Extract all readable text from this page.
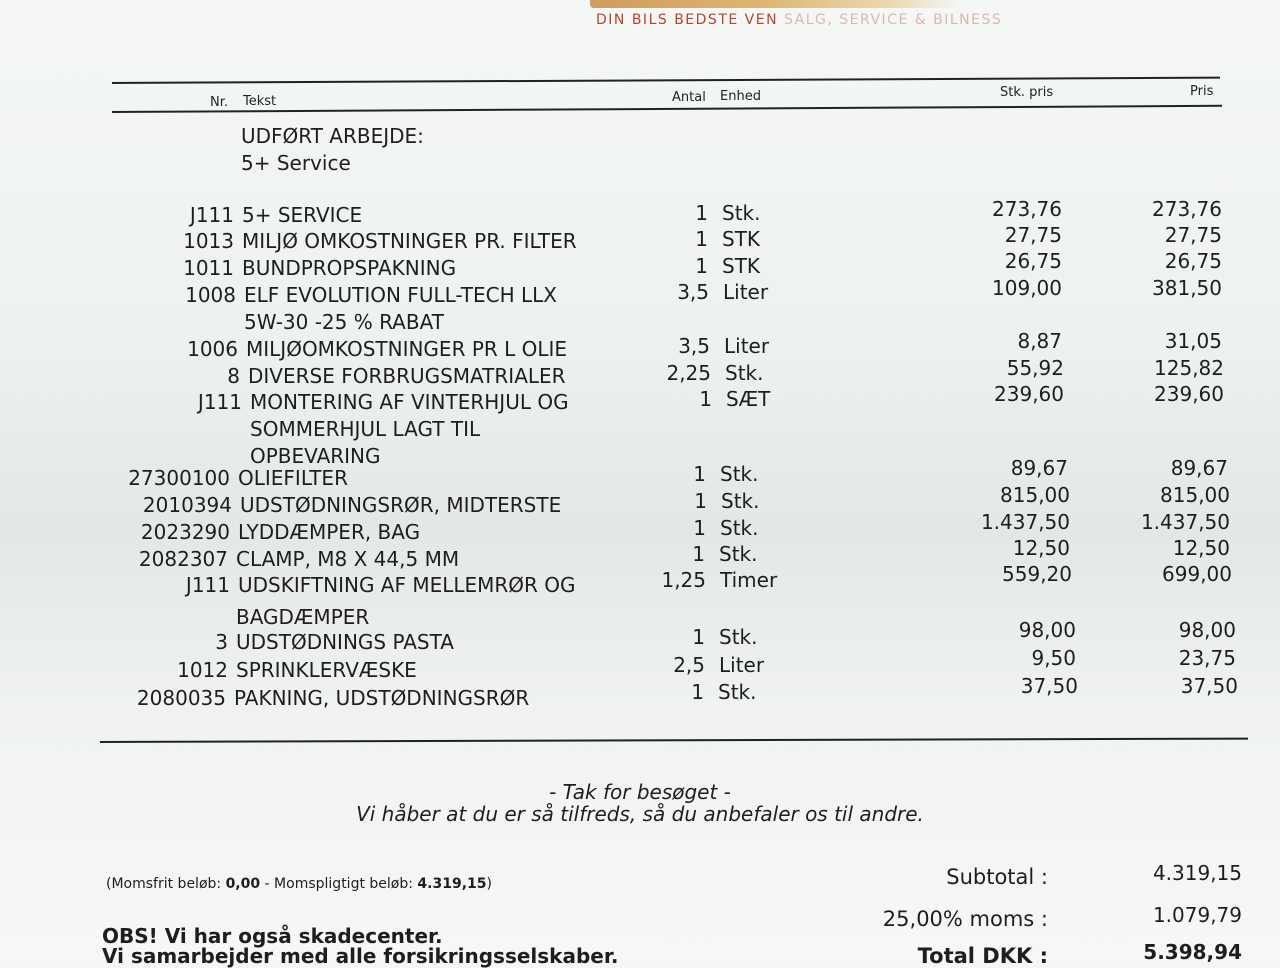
DIN BILS BEDSTE VEN SALG, SERVICE & BILNESS
Nr. Tekst	Antal Enhed	Stk. pris	Pris
UDFØRT ARBEJDE:
5+ Service
J111 5+ SERVICE	1 Stk.	273,76	273,76
1013 MILJØ OMKOSTNINGER PR. FILTER	1 STK	27,75	27,75
1011 BUNDPROPSPAKNING	1 STK	26,75	26,75
1008 ELF EVOLUTION FULL-TECH LLX	3,5 Liter	109,00	381,50
5W-30 -25 % RABAT
1006 MILJØOMKOSTNINGER PR L OLIE	3,5 Liter	8,87	31,05
8 DIVERSE FORBRUGSMATRIALER	2,25 Stk.	55,92	125,82
J111 MONTERING AF VINTERHJUL OG	1 SÆT	239,60	239,60
SOMMERHJUL LAGT TIL
OPBEVARING
27300100 OLIEFILTER	1 Stk.	89,67	89,67
2010394 UDSTØDNINGSRØR, MIDTERSTE	1 Stk.	815,00	815,00
2023290 LYDDÆMPER, BAG	1 Stk.	1.437,50	1.437,50
2082307 CLAMP, M8 X 44,5 MM	1 Stk.	12,50	12,50
J111 UDSKIFTNING AF MELLEMRØR OG	1,25 Timer	559,20	699,00
BAGDÆMPER
3 UDSTØDNINGS PASTA	1 Stk.	98,00	98,00
1012 SPRINKLERVÆSKE	2,5 Liter	9,50	23,75
2080035 PAKNING, UDSTØDNINGSRØR	1 Stk.	37,50	37,50
- Tak for besøget -
Vi håber at du er så tilfreds, så du anbefaler os til andre.
(Momsfrit beløb: 0,00 - Momspligtigt beløb: 4.319,15)	Subtotal :	4.319,15
25,00% moms :	1.079,79
Total DKK :	5.398,94
OBS! Vi har også skadecenter.
Vi samarbejder med alle forsikringsselskaber.
